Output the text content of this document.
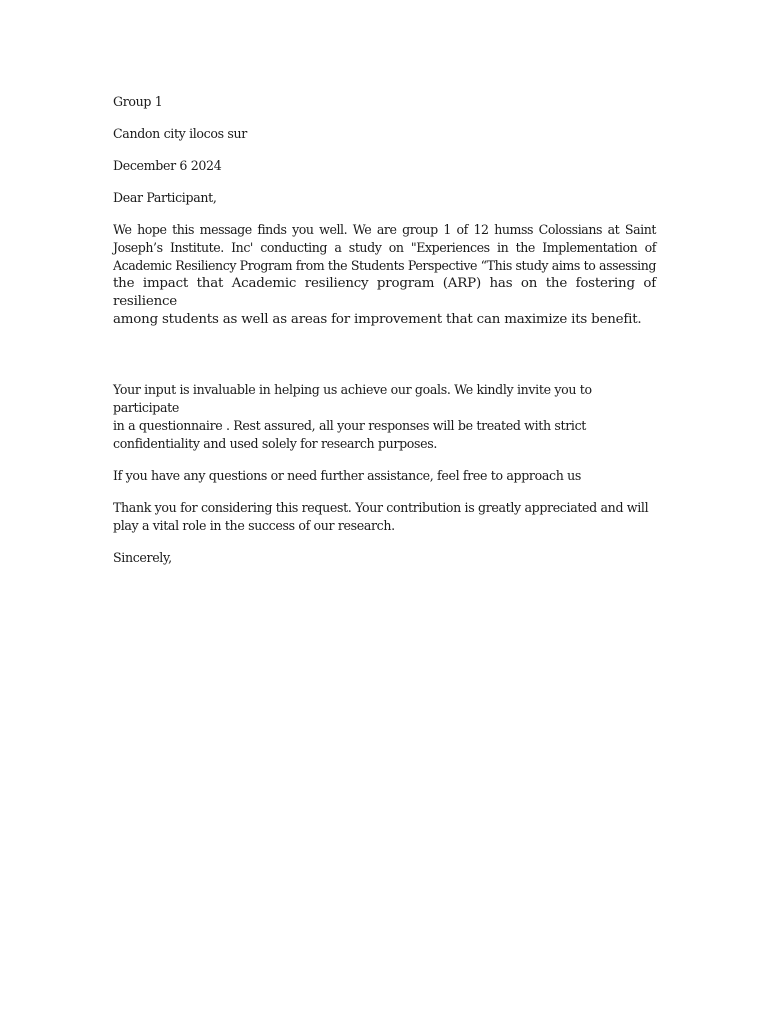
Group 1
Candon city ilocos sur
December 6 2024
Dear Participant,
We hope this message finds you well. We are group 1 of 12 humss Colossians at Saint
Joseph’s Institute. Inc' conducting a study on "Experiences in the Implementation of
Academic Resiliency Program from the Students Perspective “This study aims to assessing
the impact that Academic resiliency program (ARP) has on the fostering of resilience
among students as well as areas for improvement that can maximize its benefit.
Your input is invaluable in helping us achieve our goals. We kindly invite you to participate
in a questionnaire . Rest assured, all your responses will be treated with strict
confidentiality and used solely for research purposes.
If you have any questions or need further assistance, feel free to approach us
Thank you for considering this request. Your contribution is greatly appreciated and will
play a vital role in the success of our research.
Sincerely,
